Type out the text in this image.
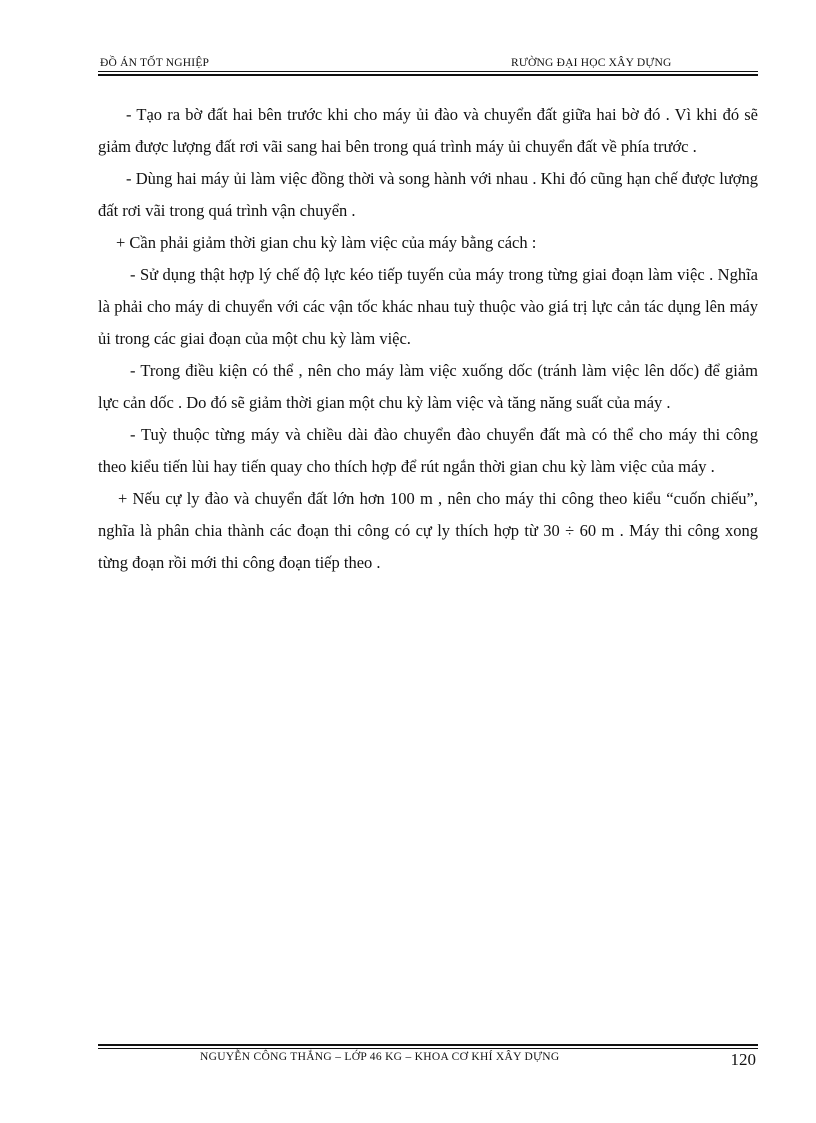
ĐỒ ÁN TỐT NGHIỆP	RƯỜNG ĐẠI HỌC XÂY DỰNG

- Tạo ra bờ đất hai bên trước khi cho máy ủi đào và chuyển đất giữa hai bờ đó . Vì khi đó sẽ giảm được lượng đất rơi vãi sang hai bên trong quá trình máy ủi chuyển đất về phía trước .

- Dùng hai máy ủi làm việc đồng thời và song hành với nhau . Khi đó cũng hạn chế được lượng đất rơi vãi trong quá trình vận chuyển .

+ Cần phải giảm thời gian chu kỳ làm việc của máy bằng cách :

- Sử dụng thật hợp lý chế độ lực kéo tiếp tuyến của máy trong từng giai đoạn làm việc . Nghĩa là phải cho máy di chuyển với các vận tốc khác nhau tuỳ thuộc vào giá trị lực cản tác dụng lên máy ủi trong các giai đoạn của một chu kỳ làm việc.

- Trong điều kiện có thể , nên cho máy làm việc xuống dốc (tránh làm việc lên dốc) để giảm lực cản dốc . Do đó sẽ giảm thời gian một chu kỳ làm việc và tăng năng suất của máy .

- Tuỳ thuộc từng máy và chiều dài đào chuyển đào chuyển đất mà có thể cho máy thi công theo kiểu tiến lùi hay tiến quay cho thích hợp để rút ngắn thời gian chu kỳ làm việc của máy .

+ Nếu cự ly đào và chuyển đất lớn hơn 100 m , nên cho máy thi công theo kiểu “cuốn chiếu”, nghĩa là phân chia thành các đoạn thi công có cự ly thích hợp từ 30 ÷ 60 m . Máy thi công xong từng đoạn rồi mới thi công đoạn tiếp theo .

NGUYỄN CÔNG THẮNG – LỚP 46 KG – KHOA CƠ KHÍ XÂY DỰNG	120
